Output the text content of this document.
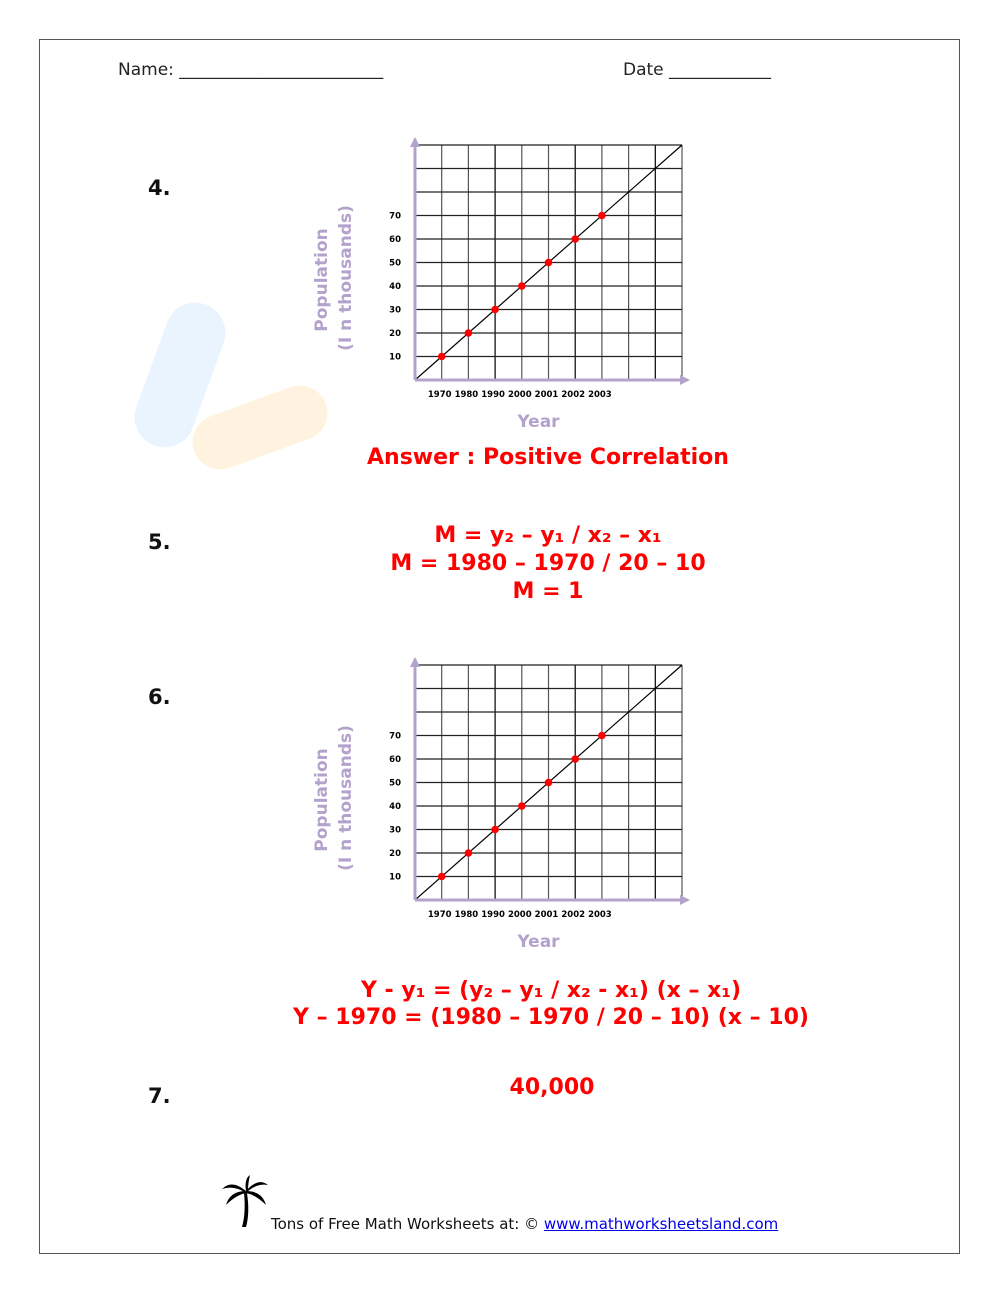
Name: ________________________	Date ____________
4.
10
20
30
40
50
60
70
1970 1980 1990 2000 2001 2002 2003
Year
Population (I n thousands)
Answer : Positive Correlation
5.	M = y₂ – y₁ / x₂ – x₁
M = 1980 – 1970 / 20 – 10
M = 1
6.
10
20
30
40
50
60
70
1970 1980 1990 2000 2001 2002 2003
Year
Population (I n thousands)
Y - y₁ = (y₂ – y₁ / x₂ - x₁) (x – x₁)
Y – 1970 = (1980 – 1970 / 20 – 10) (x – 10)
7.	40,000
Tons of Free Math Worksheets at: © www.mathworksheetsland.com
